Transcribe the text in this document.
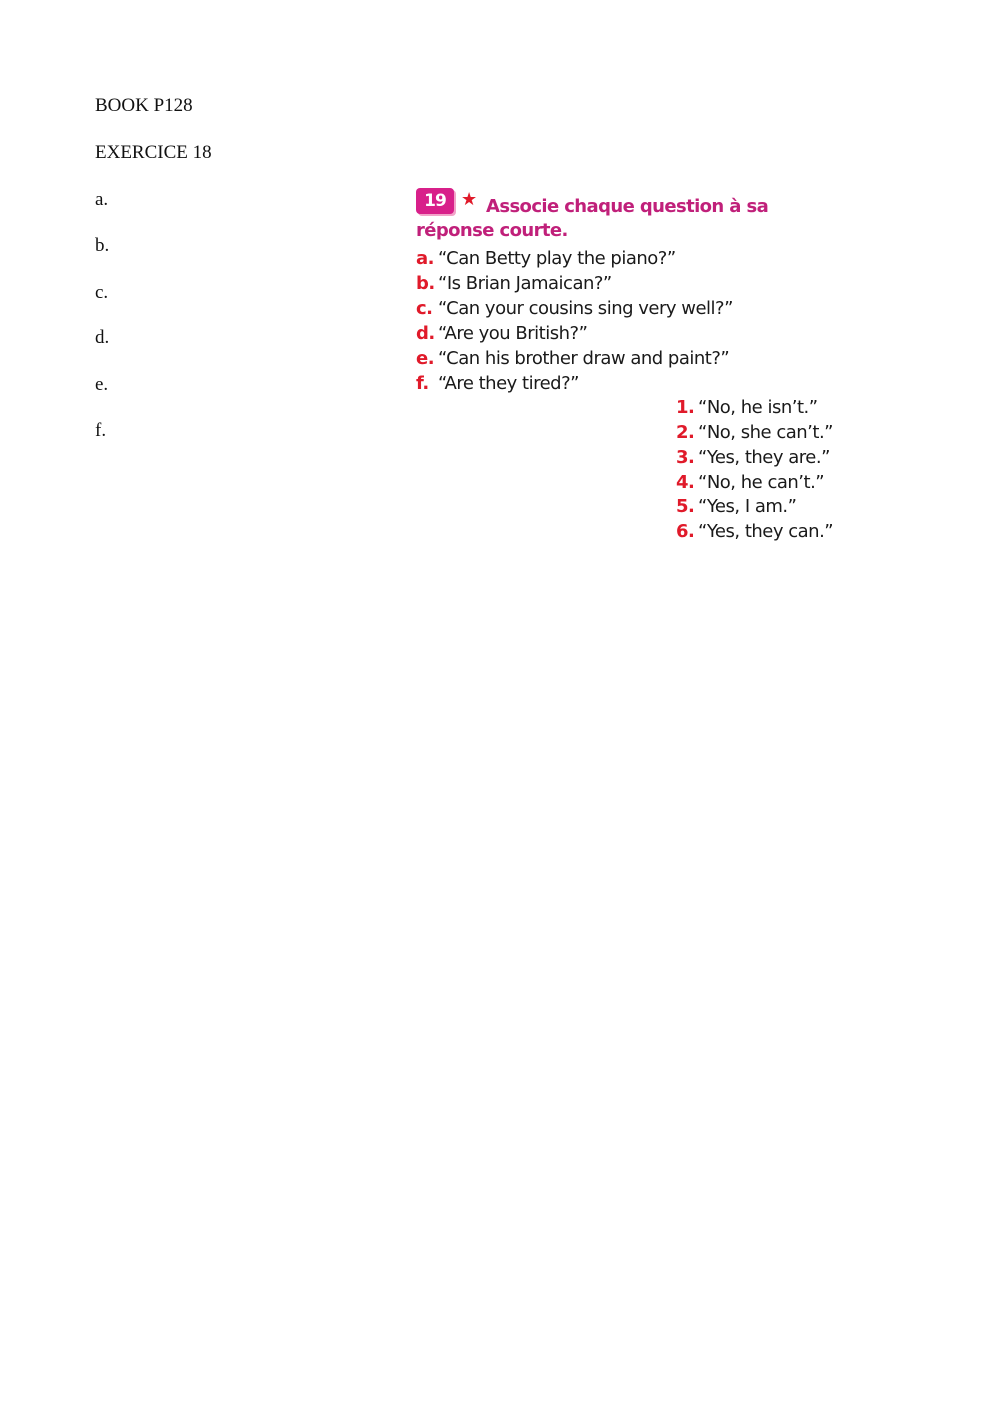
BOOK P128

EXERCICE 18

a.

b.

c.

d.

e.

f.

Associe chaque question à sa réponse courte.
19 ★
a. “Can Betty play the piano?”
b. “Is Brian Jamaican?”
c. “Can your cousins sing very well?”
d. “Are you British?”
e. “Can his brother draw and paint?”
f. “Are they tired?”
1. “No, he isn’t.”
2. “No, she can’t.”
3. “Yes, they are.”
4. “No, he can’t.”
5. “Yes, I am.”
6. “Yes, they can.”
